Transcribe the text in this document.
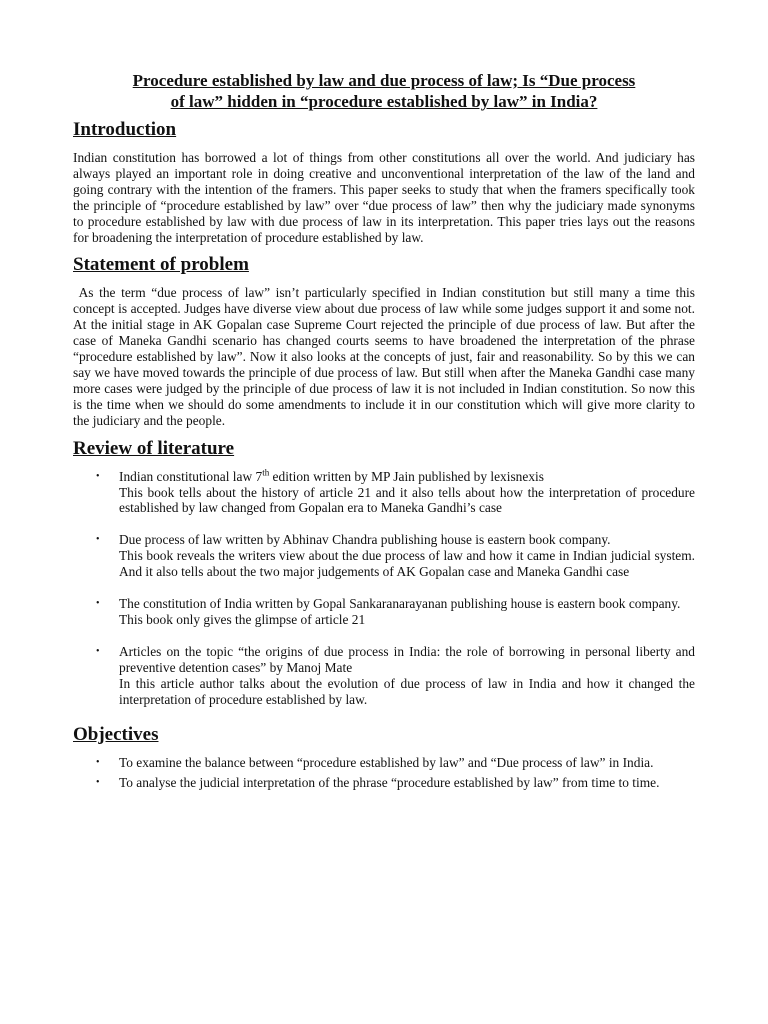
Procedure established by law and due process of law; Is “Due process
of law” hidden in “procedure established by law” in India?
Introduction

Indian constitution has borrowed a lot of things from other constitutions all over the world. And judiciary has always played an important role in doing creative and unconventional interpretation of the law of the land and going contrary with the intention of the framers. This paper seeks to study that when the framers specifically took the principle of “procedure established by law” over “due process of law” then why the judiciary made synonyms to procedure established by law with due process of law in its interpretation. This paper tries lays out the reasons for broadening the interpretation of procedure established by law.

Statement of problem

As the term “due process of law” isn’t particularly specified in Indian constitution but still many a time this concept is accepted. Judges have diverse view about due process of law while some judges support it and some not. At the initial stage in AK Gopalan case Supreme Court rejected the principle of due process of law. But after the case of Maneka Gandhi scenario has changed courts seems to have broadened the interpretation of the phrase “procedure established by law”. Now it also looks at the concepts of just, fair and reasonability. So by this we can say we have moved towards the principle of due process of law. But still when after the Maneka Gandhi case many more cases were judged by the principle of due process of law it is not included in Indian constitution. So now this is the time when we should do some amendments to include it in our constitution which will give more clarity to the judiciary and the people.

Review of literature
• Indian constitutional law 7th edition written by MP Jain published by lexisnexis
This book tells about the history of article 21 and it also tells about how the interpretation of procedure established by law changed from Gopalan era to Maneka Gandhi’s case
• Due process of law written by Abhinav Chandra publishing house is eastern book company.
This book reveals the writers view about the due process of law and how it came in Indian judicial system. And it also tells about the two major judgements of AK Gopalan case and Maneka Gandhi case
• The constitution of India written by Gopal Sankaranarayanan publishing house is eastern book company.
This book only gives the glimpse of article 21
• Articles on the topic “the origins of due process in India: the role of borrowing in personal liberty and preventive detention cases” by Manoj Mate
In this article author talks about the evolution of due process of law in India and how it changed the interpretation of procedure established by law.
Objectives
• To examine the balance between “procedure established by law” and “Due process of law” in India.
• To analyse the judicial interpretation of the phrase “procedure established by law” from time to time.
